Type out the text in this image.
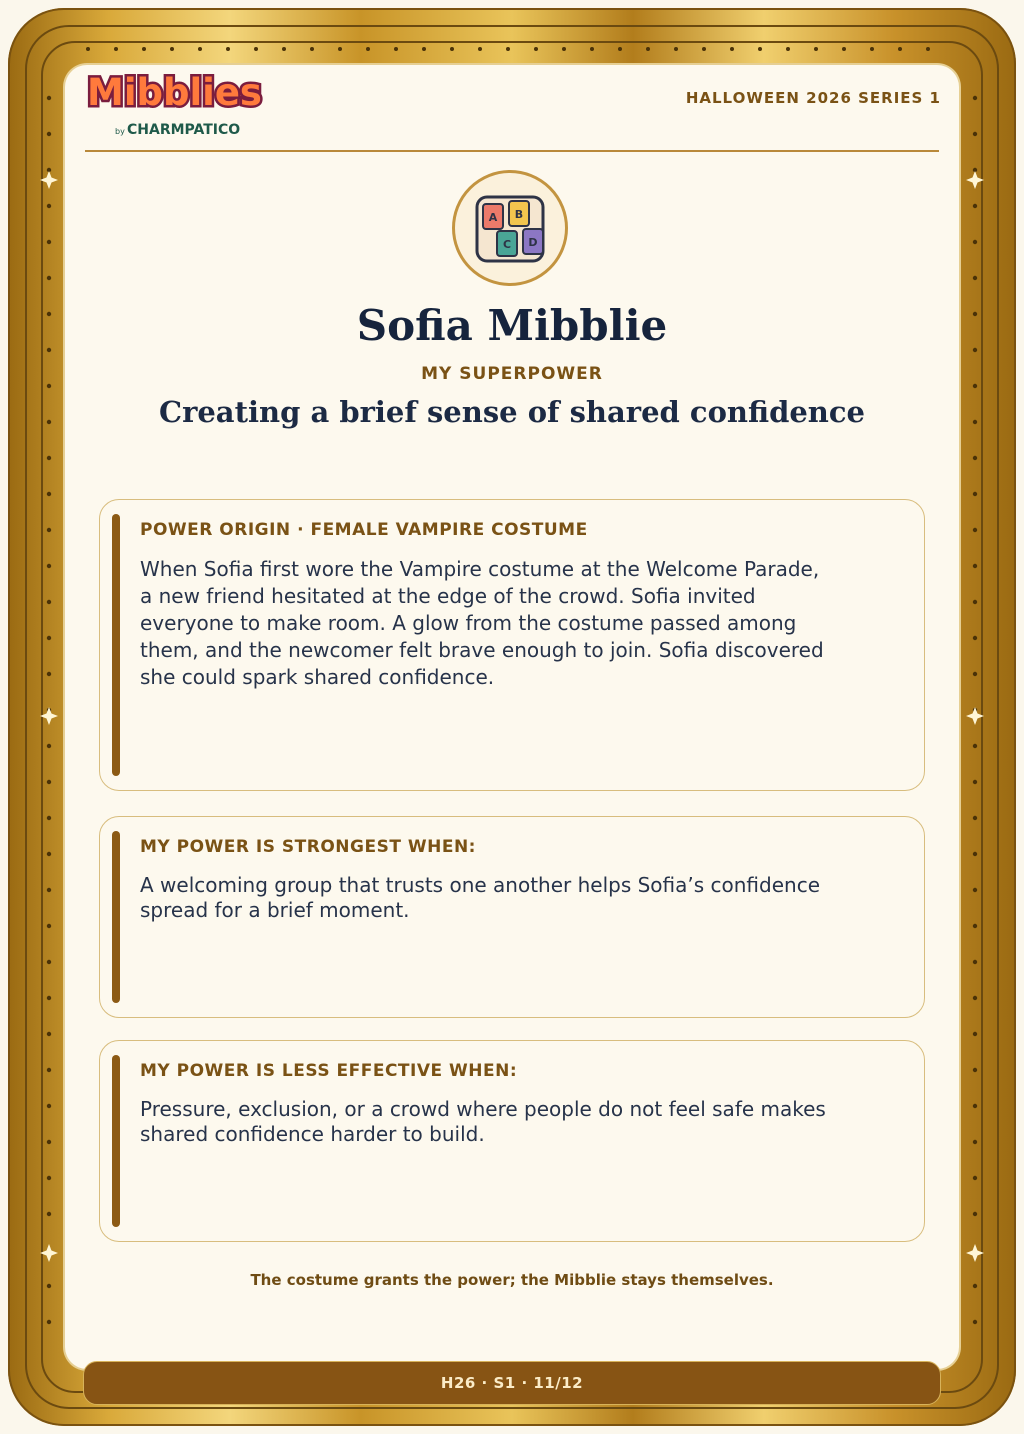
Mibblies
by CHARMPATICO
HALLOWEEN 2026 SERIES 1
A B
C D
Sofia Mibblie
MY SUPERPOWER
Creating a brief sense of shared confidence
POWER ORIGIN · FEMALE VAMPIRE COSTUME
When Sofia first wore the Vampire costume at the Welcome Parade,
a new friend hesitated at the edge of the crowd. Sofia invited
everyone to make room. A glow from the costume passed among
them, and the newcomer felt brave enough to join. Sofia discovered
she could spark shared confidence.
MY POWER IS STRONGEST WHEN:
A welcoming group that trusts one another helps Sofia’s confidence
spread for a brief moment.
MY POWER IS LESS EFFECTIVE WHEN:
Pressure, exclusion, or a crowd where people do not feel safe makes
shared confidence harder to build.
The costume grants the power; the Mibblie stays themselves.
H26 · S1 · 11/12
